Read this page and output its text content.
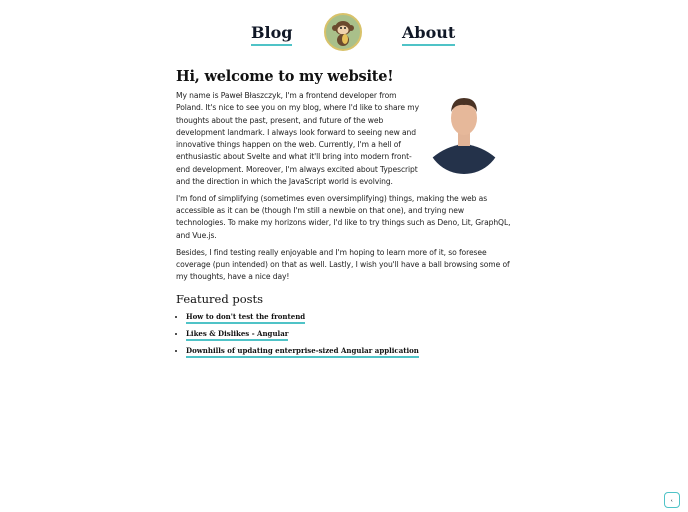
Blog	About
Hi, welcome to my website!

My name is Paweł Błaszczyk, I'm a frontend developer from Poland. It's nice to see you on my blog, where I'd like to share my thoughts about the past, present, and future of the web development landmark. I always look forward to seeing new and innovative things happen on the web. Currently, I'm a hell of enthusiastic about Svelte and what it'll bring into modern front-end development. Moreover, I'm always excited about Typescript and the direction in which the JavaScript world is evolving.

I'm fond of simplifying (sometimes even oversimplifying) things, making the web as accessible as it can be (though I'm still a newbie on that one), and trying new technologies. To make my horizons wider, I'd like to try things such as Deno, Lit, GraphQL, and Vue.js.

Besides, I find testing really enjoyable and I'm hoping to learn more of it, so foresee coverage (pun intended) on that as well. Lastly, I wish you'll have a ball browsing some of my thoughts, have a nice day!

Featured posts
• How to don't test the frontend
• Likes & Dislikes - Angular
• Downhills of updating enterprise-sized Angular application
